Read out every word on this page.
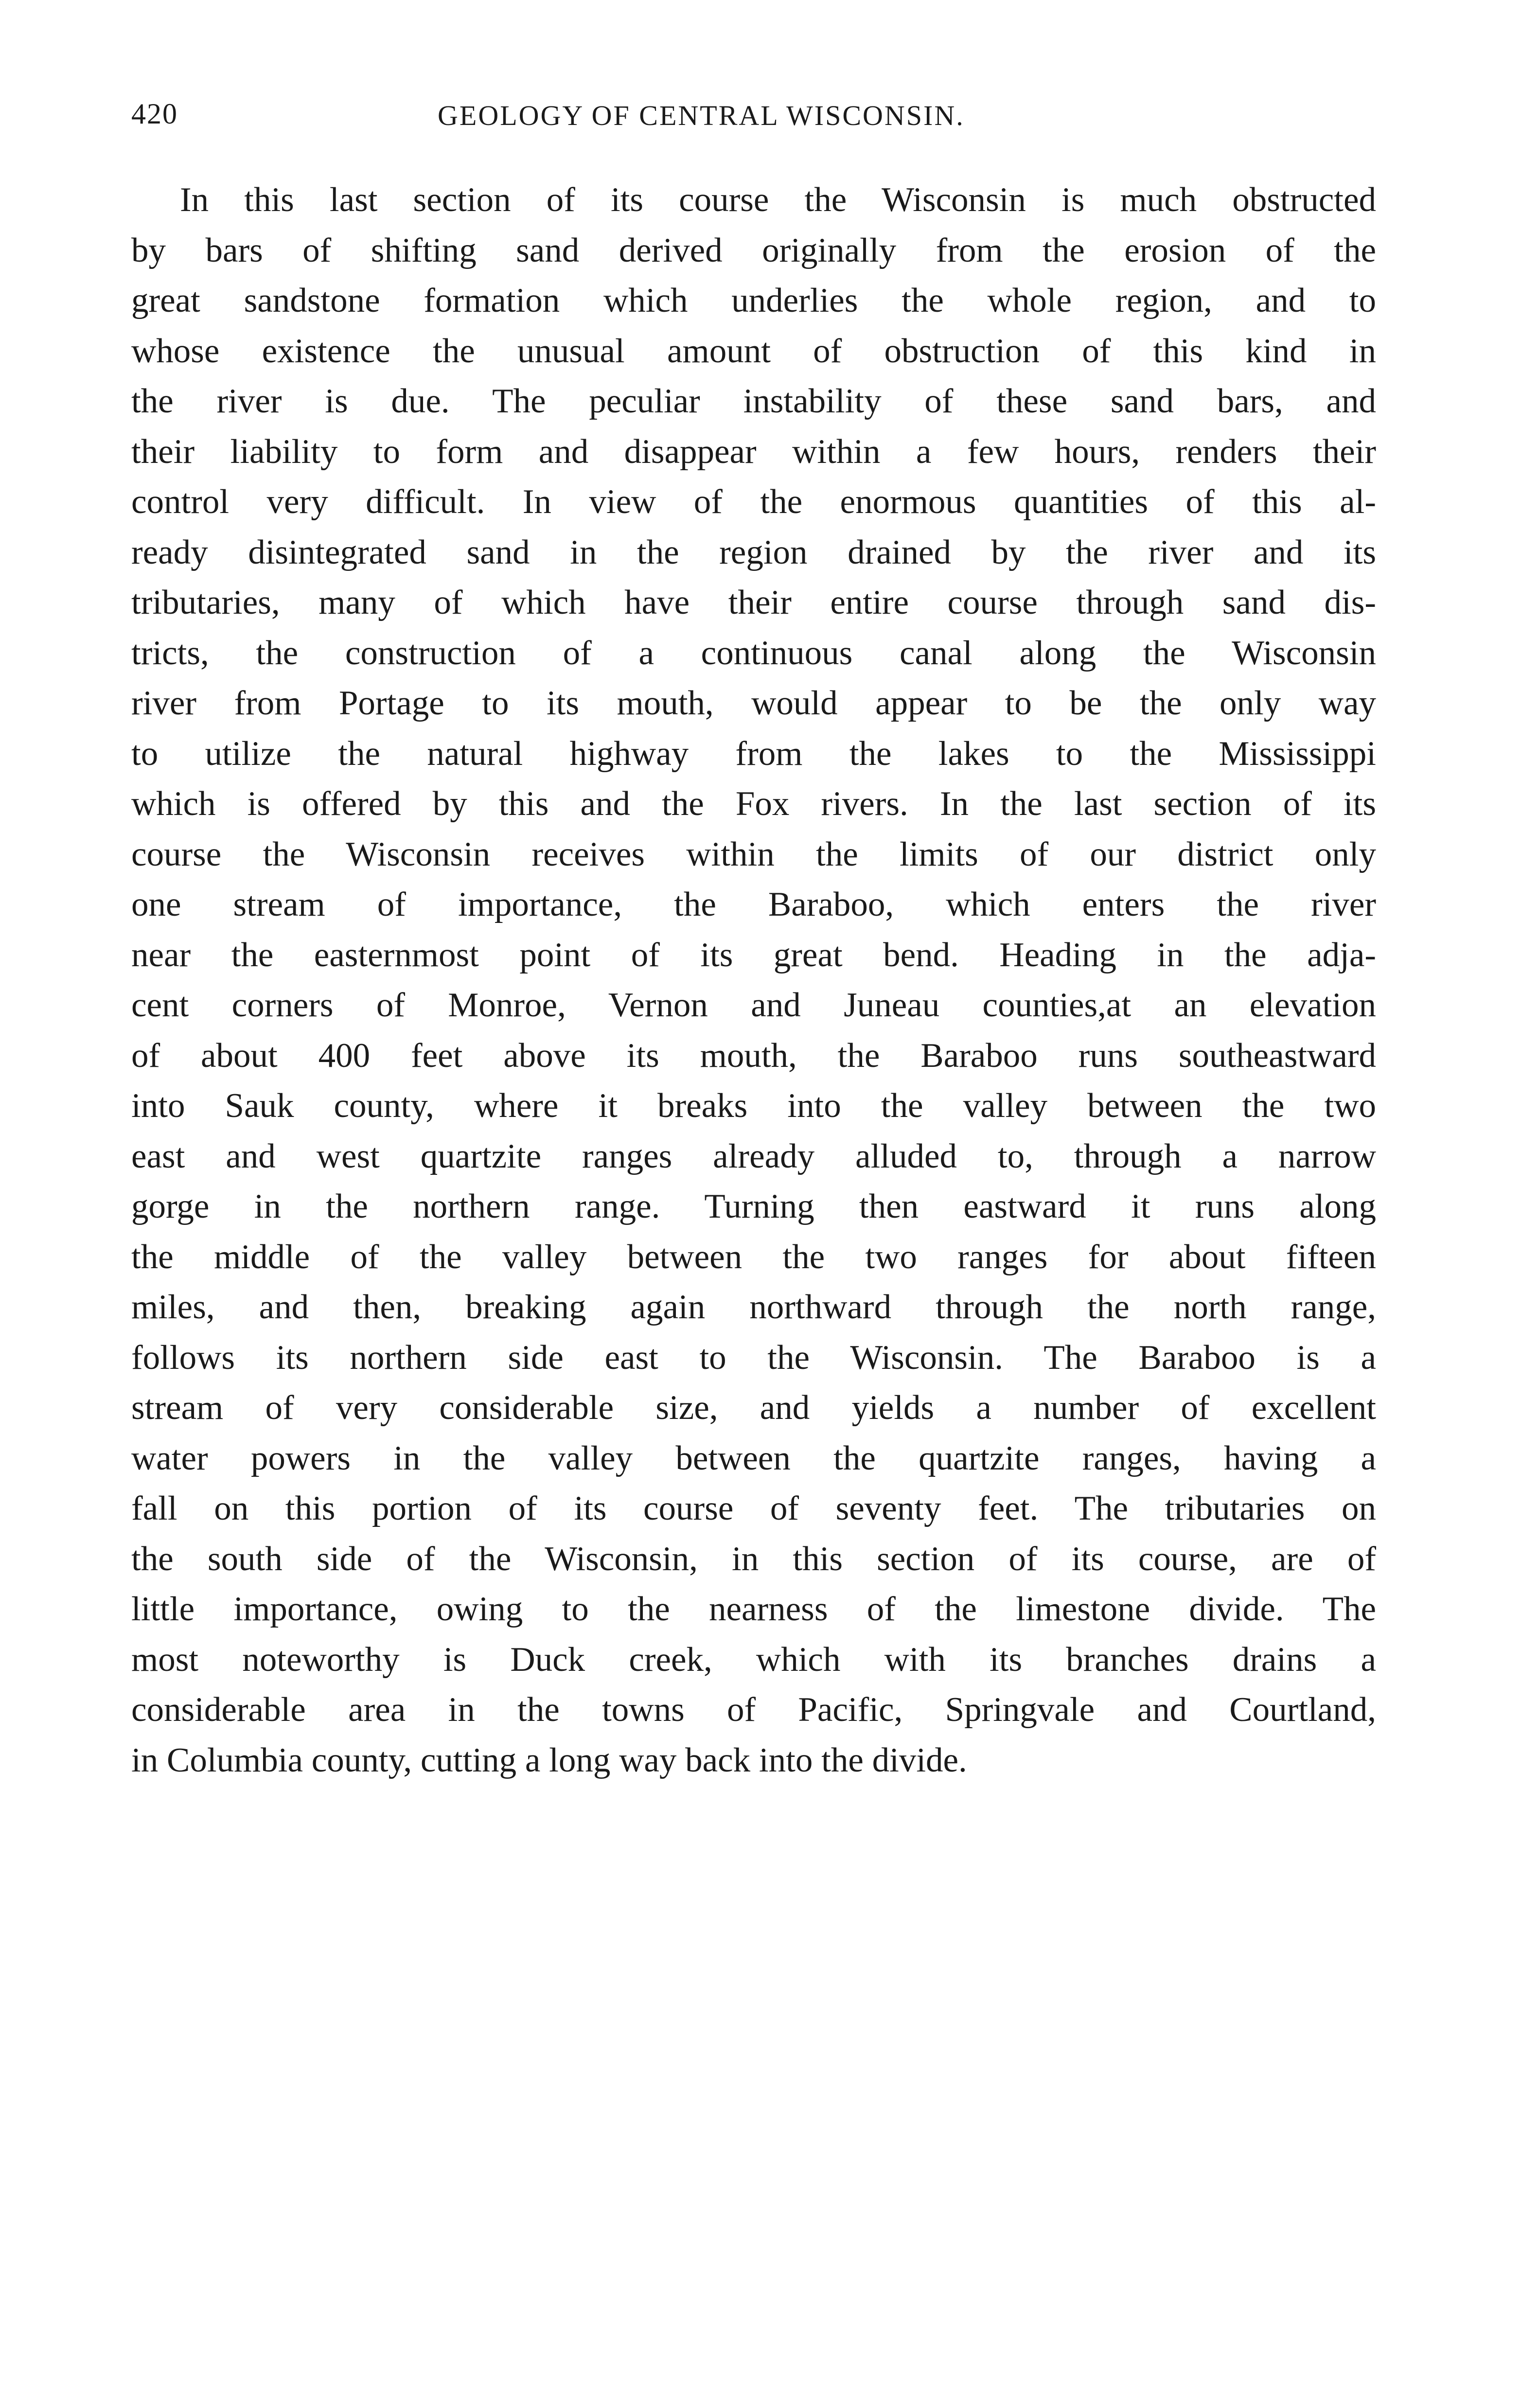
420	GEOLOGY OF CENTRAL WISCONSIN.
In this last section of its course the Wisconsin is much obstructed
by bars of shifting sand derived originally from the erosion of the
great sandstone formation which underlies the whole region, and to
whose existence the unusual amount of obstruction of this kind in
the river is due. The peculiar instability of these sand bars, and
their liability to form and disappear within a few hours, renders their
control very difficult. In view of the enormous quantities of this al-
ready disintegrated sand in the region drained by the river and its
tributaries, many of which have their entire course through sand dis-
tricts, the construction of a continuous canal along the Wisconsin
river from Portage to its mouth, would appear to be the only way
to utilize the natural highway from the lakes to the Mississippi
which is offered by this and the Fox rivers. In the last section of its
course the Wisconsin receives within the limits of our district only
one stream of importance, the Baraboo, which enters the river
near the easternmost point of its great bend. Heading in the adja-
cent corners of Monroe, Vernon and Juneau counties,at an elevation
of about 400 feet above its mouth, the Baraboo runs southeastward
into Sauk county, where it breaks into the valley between the two
east and west quartzite ranges already alluded to, through a narrow
gorge in the northern range. Turning then eastward it runs along
the middle of the valley between the two ranges for about fifteen
miles, and then, breaking again northward through the north range,
follows its northern side east to the Wisconsin. The Baraboo is a
stream of very considerable size, and yields a number of excellent
water powers in the valley between the quartzite ranges, having a
fall on this portion of its course of seventy feet. The tributaries on
the south side of the Wisconsin, in this section of its course, are of
little importance, owing to the nearness of the limestone divide. The
most noteworthy is Duck creek, which with its branches drains a
considerable area in the towns of Pacific, Springvale and Courtland,
in Columbia county, cutting a long way back into the divide.
